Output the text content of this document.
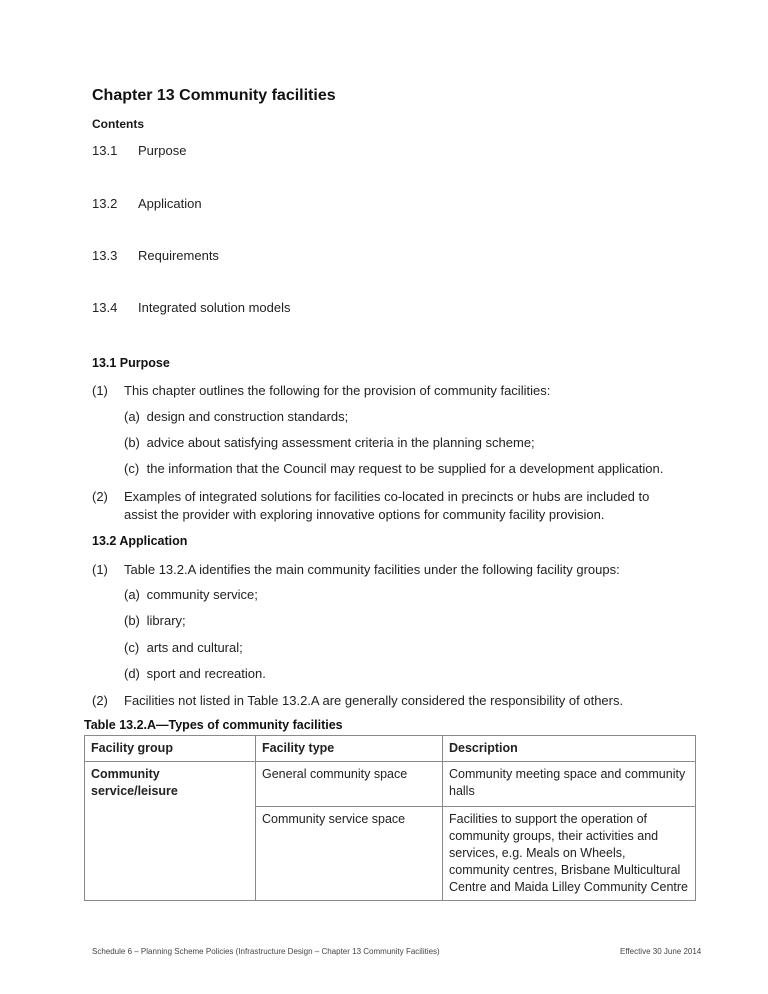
Chapter 13 Community facilities
Contents
13.1 Purpose
13.2 Application
13.3 Requirements
13.4 Integrated solution models
13.1 Purpose
(1) This chapter outlines the following for the provision of community facilities:
(a) design and construction standards;
(b) advice about satisfying assessment criteria in the planning scheme;
(c) the information that the Council may request to be supplied for a development application.
(2) Examples of integrated solutions for facilities co-located in precincts or hubs are included to assist the provider with exploring innovative options for community facility provision.
13.2 Application
(1) Table 13.2.A identifies the main community facilities under the following facility groups:
(a) community service;
(b) library;
(c) arts and cultural;
(d) sport and recreation.
(2) Facilities not listed in Table 13.2.A are generally considered the responsibility of others.
Table 13.2.A—Types of community facilities
Facility group	Facility type	Description
Community service/leisure	General community space	Community meeting space and community halls
	Community service space	Facilities to support the operation of community groups, their activities and services, e.g. Meals on Wheels, community centres, Brisbane Multicultural Centre and Maida Lilley Community Centre
Schedule 6 – Planning Scheme Policies (Infrastructure Design – Chapter 13 Community Facilities)	Effective 30 June 2014
